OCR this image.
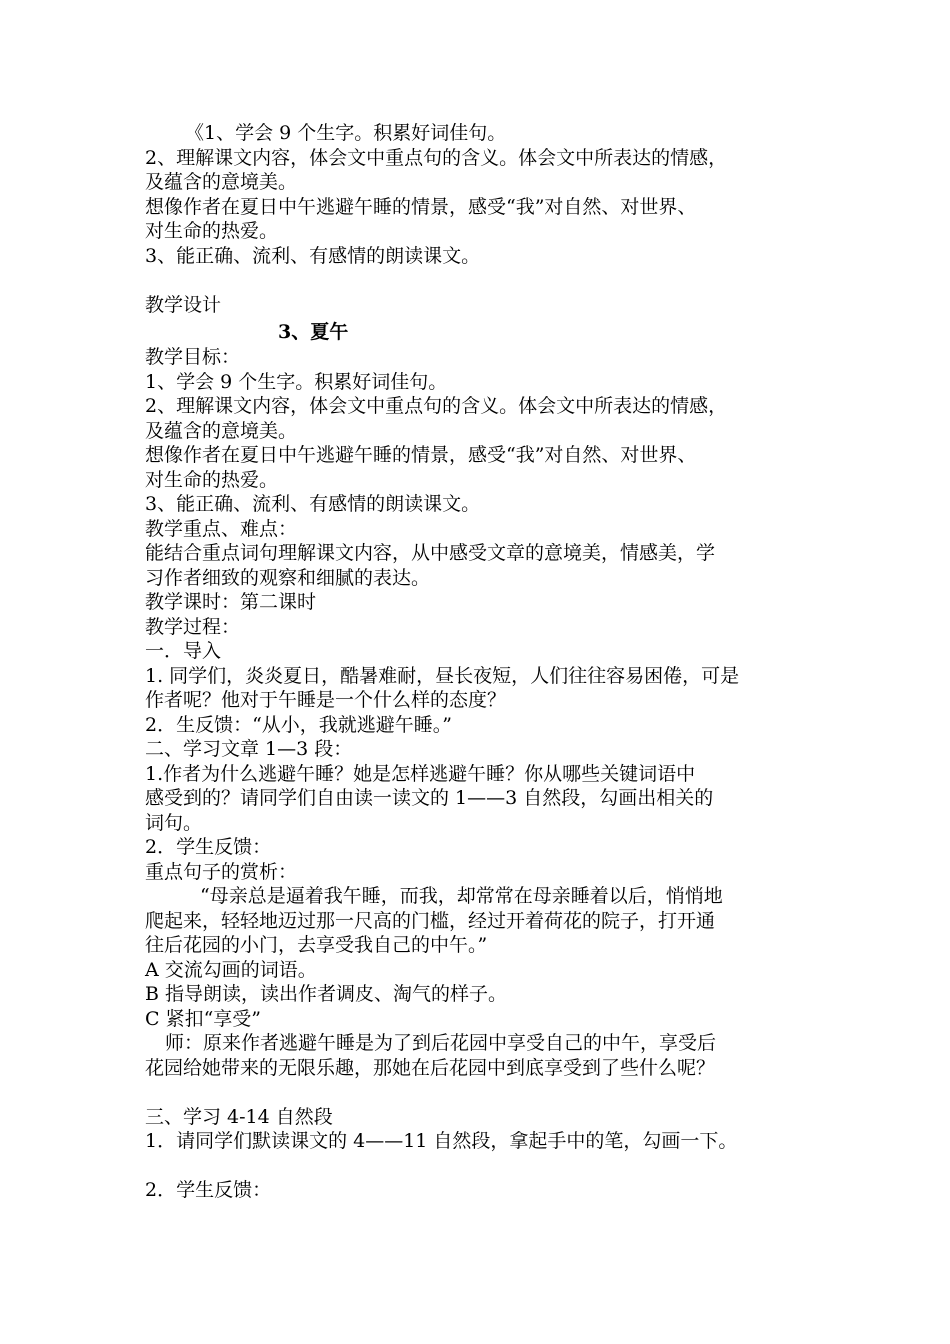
《1、学会 9 个生字。积累好词佳句。

2、理解课文内容，体会文中重点句的含义。体会文中所表达的情感，

及蕴含的意境美。

想像作者在夏日中午逃避午睡的情景，感受“我”对自然、对世界、

对生命的热爱。

3、能正确、流利、有感情的朗读课文。

教学设计

3、夏午

教学目标：

1、学会 9 个生字。积累好词佳句。

2、理解课文内容，体会文中重点句的含义。体会文中所表达的情感，

及蕴含的意境美。

想像作者在夏日中午逃避午睡的情景，感受“我”对自然、对世界、

对生命的热爱。

3、能正确、流利、有感情的朗读课文。

教学重点、难点：

能结合重点词句理解课文内容，从中感受文章的意境美，情感美，学

习作者细致的观察和细腻的表达。

教学课时：第二课时

教学过程：

一．导入

1. 同学们，炎炎夏日，酷暑难耐，昼长夜短，人们往往容易困倦，可是

作者呢？他对于午睡是一个什么样的态度？

2．生反馈：“从小，我就逃避午睡。”

二、学习文章 1—3 段：

1.作者为什么逃避午睡？她是怎样逃避午睡？你从哪些关键词语中

感受到的？请同学们自由读一读文的 1——3 自然段，勾画出相关的

词句。

2．学生反馈：

重点句子的赏析：

“母亲总是逼着我午睡，而我，却常常在母亲睡着以后，悄悄地

爬起来，轻轻地迈过那一尺高的门槛，经过开着荷花的院子，打开通

往后花园的小门，去享受我自己的中午。”

A 交流勾画的词语。

B 指导朗读，读出作者调皮、淘气的样子。

C 紧扣“享受”

师：原来作者逃避午睡是为了到后花园中享受自己的中午，享受后

花园给她带来的无限乐趣，那她在后花园中到底享受到了些什么呢？

三、学习 4-14 自然段

1．请同学们默读课文的 4——11 自然段，拿起手中的笔，勾画一下。

2．学生反馈：
